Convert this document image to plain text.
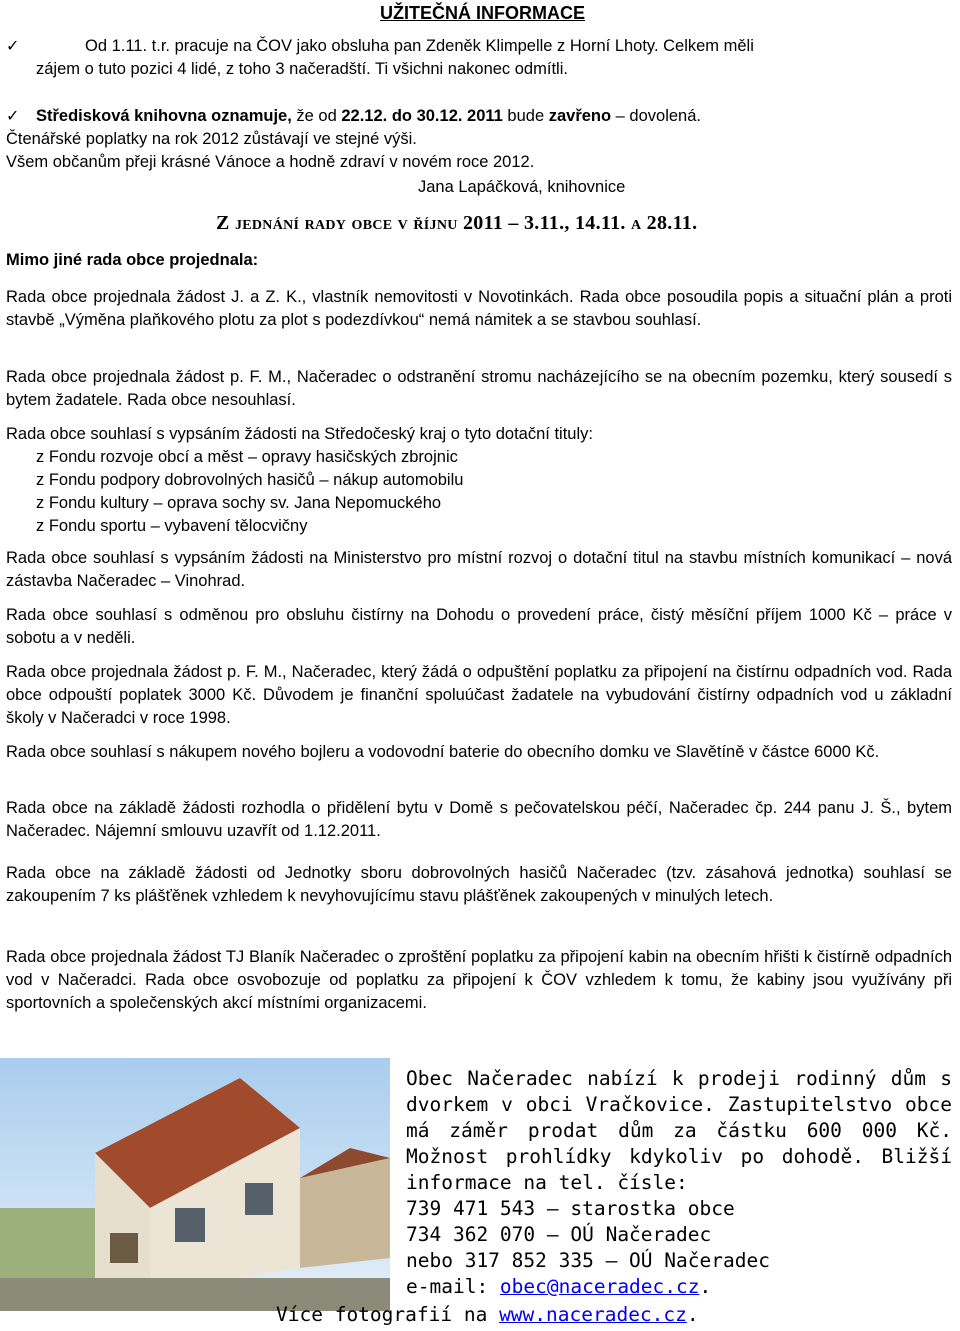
UŽITEČNÁ INFORMACE
✓	Od 1.11. t.r. pracuje na ČOV jako obsluha pan Zdeněk Klimpelle z Horní Lhoty. Celkem měli
zájem o tuto pozici 4 lidé, z toho 3 načeradští. Ti všichni nakonec odmítli.
✓ Středisková knihovna oznamuje, že od 22.12. do 30.12. 2011 bude zavřeno – dovolená.
Čtenářské poplatky na rok 2012 zůstávají ve stejné výši.
Všem občanům přeji krásné Vánoce a hodně zdraví v novém roce 2012.
Jana Lapáčková, knihovnice
Z jednání rady obce v říjnu 2011 – 3.11., 14.11. a 28.11.
Mimo jiné rada obce projednala:
Rada obce projednala žádost J. a Z. K., vlastník nemovitosti v Novotinkách. Rada obce posoudila popis a situační plán a proti stavbě „Výměna plaňkového plotu za plot s podezdívkou“ nemá námitek a se stavbou souhlasí.
Rada obce projednala žádost p. F. M., Načeradec o odstranění stromu nacházejícího se na obecním pozemku, který sousedí s bytem žadatele. Rada obce nesouhlasí.
Rada obce souhlasí s vypsáním žádosti na Středočeský kraj o tyto dotační tituly:
z Fondu rozvoje obcí a měst – opravy hasičských zbrojnic
z Fondu podpory dobrovolných hasičů – nákup automobilu
z Fondu kultury – oprava sochy sv. Jana Nepomuckého
z Fondu sportu – vybavení tělocvičny
Rada obce souhlasí s vypsáním žádosti na Ministerstvo pro místní rozvoj o dotační titul na stavbu místních komunikací – nová zástavba Načeradec – Vinohrad.
Rada obce souhlasí s odměnou pro obsluhu čistírny na Dohodu o provedení práce, čistý měsíční příjem 1000 Kč – práce v sobotu a v neděli.
Rada obce projednala žádost p. F. M., Načeradec, který žádá o odpuštění poplatku za připojení na čistírnu odpadních vod. Rada obce odpouští poplatek 3000 Kč. Důvodem je finanční spoluúčast žadatele na vybudování čistírny odpadních vod u základní školy v Načeradci v roce 1998.
Rada obce souhlasí s nákupem nového bojleru a vodovodní baterie do obecního domku ve Slavětíně v částce 6000 Kč.
Rada obce na základě žádosti rozhodla o přidělení bytu v Domě s pečovatelskou péčí, Načeradec čp. 244 panu J. Š., bytem Načeradec. Nájemní smlouvu uzavřít od 1.12.2011.
Rada obce na základě žádosti od Jednotky sboru dobrovolných hasičů Načeradec (tzv. zásahová jednotka) souhlasí se zakoupením 7 ks plášťěnek vzhledem k nevyhovujícímu stavu plášťěnek zakoupených v minulých letech.
Rada obce projednala žádost TJ Blaník Načeradec o zproštění poplatku za připojení kabin na obecním hřišti k čistírně odpadních vod v Načeradci. Rada obce osvobozuje od poplatku za připojení k ČOV vzhledem k tomu, že kabiny jsou využívány při sportovních a společenských akcí místními organizacemi.
Obec Načeradec nabízí k prodeji rodinný dům s dvorkem v obci Vračkovice. Zastupitelstvo obce má záměr prodat dům za částku 600 000 Kč. Možnost prohlídky kdykoliv po dohodě. Bližší informace na tel. čísle:
739 471 543 – starostka obce
734 362 070 – OÚ Načeradec
nebo 317 852 335 – OÚ Načeradec
e-mail: obec@naceradec.cz.
Více fotografií na www.naceradec.cz.
